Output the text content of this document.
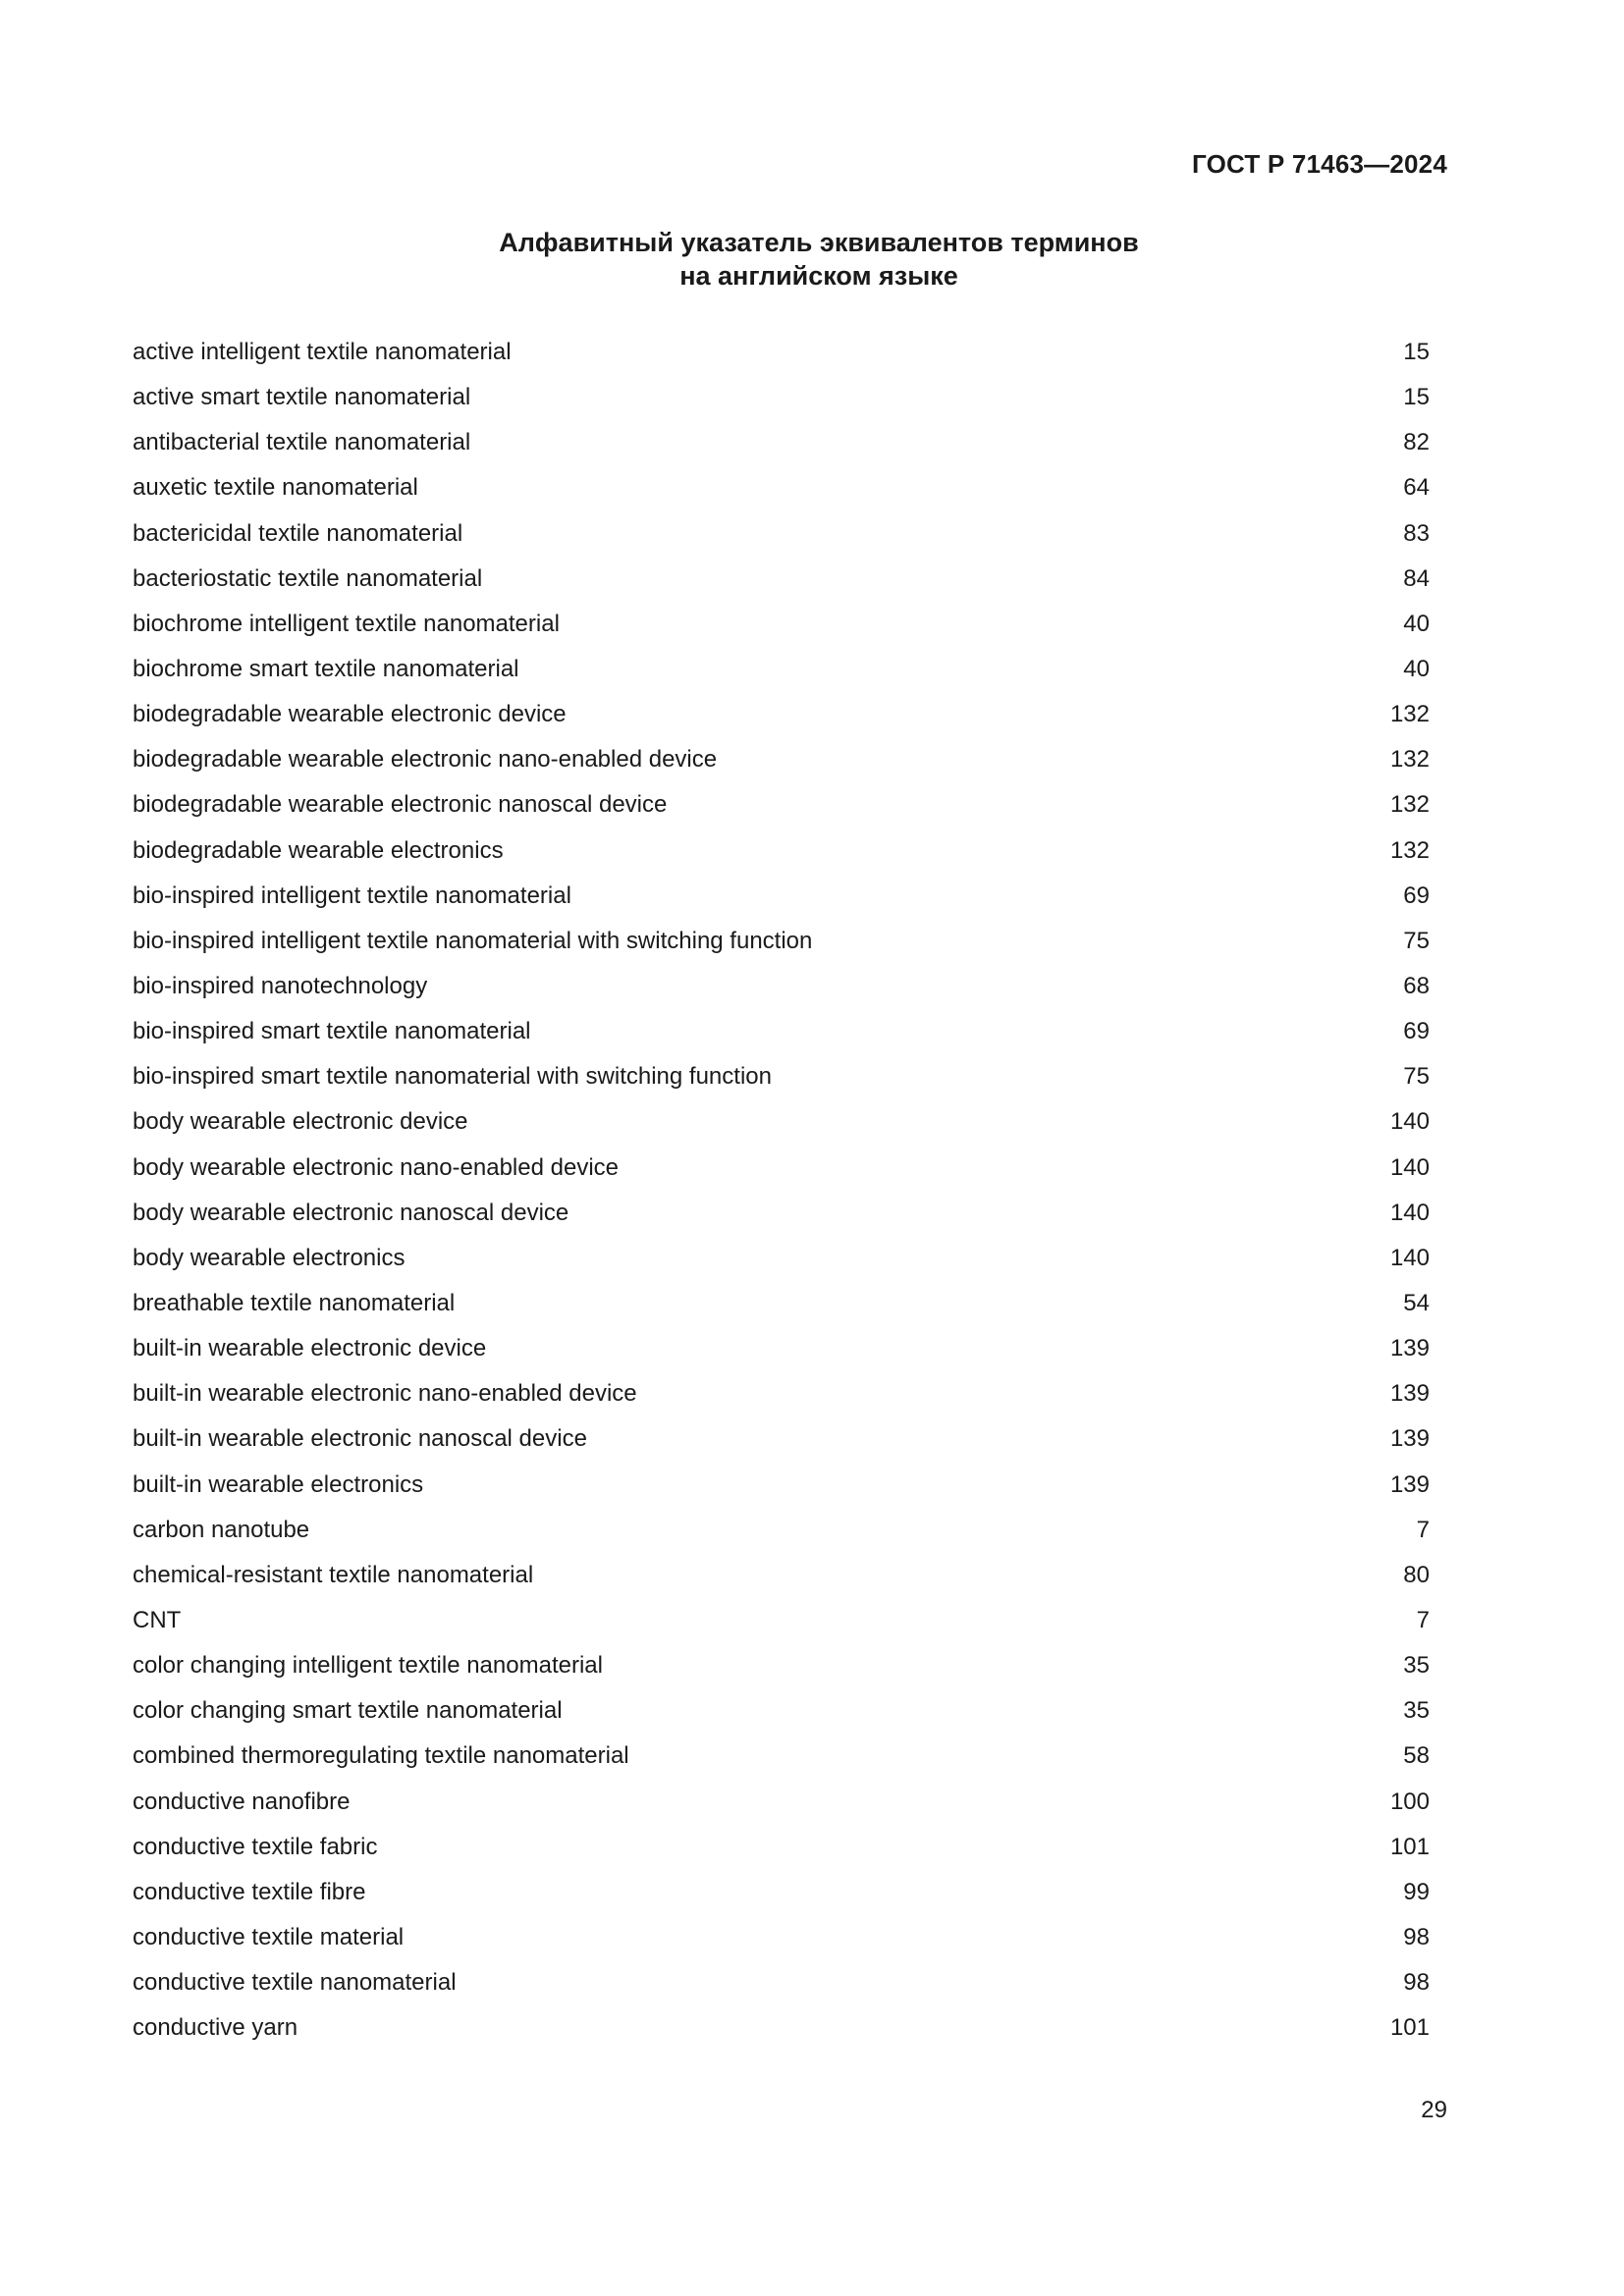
ГОСТ Р 71463—2024
Алфавитный указатель эквивалентов терминов
на английском языке
active intelligent textile nanomaterial	15
active smart textile nanomaterial	15
antibacterial textile nanomaterial	82
auxetic textile nanomaterial	64
bactericidal textile nanomaterial	83
bacteriostatic textile nanomaterial	84
biochrome intelligent textile nanomaterial	40
biochrome smart textile nanomaterial	40
biodegradable wearable electronic device	132
biodegradable wearable electronic nano-enabled device	132
biodegradable wearable electronic nanoscal device	132
biodegradable wearable electronics	132
bio-inspired intelligent textile nanomaterial	69
bio-inspired intelligent textile nanomaterial with switching function	75
bio-inspired nanotechnology	68
bio-inspired smart textile nanomaterial	69
bio-inspired smart textile nanomaterial with switching function	75
body wearable electronic device	140
body wearable electronic nano-enabled device	140
body wearable electronic nanoscal device	140
body wearable electronics	140
breathable textile nanomaterial	54
built-in wearable electronic device	139
built-in wearable electronic nano-enabled device	139
built-in wearable electronic nanoscal device	139
built-in wearable electronics	139
carbon nanotube	7
chemical-resistant textile nanomaterial	80
CNT	7
color changing intelligent textile nanomaterial	35
color changing smart textile nanomaterial	35
combined thermoregulating textile nanomaterial	58
conductive nanofibre	100
conductive textile fabric	101
conductive textile fibre	99
conductive textile material	98
conductive textile nanomaterial	98
conductive yarn	101
29
